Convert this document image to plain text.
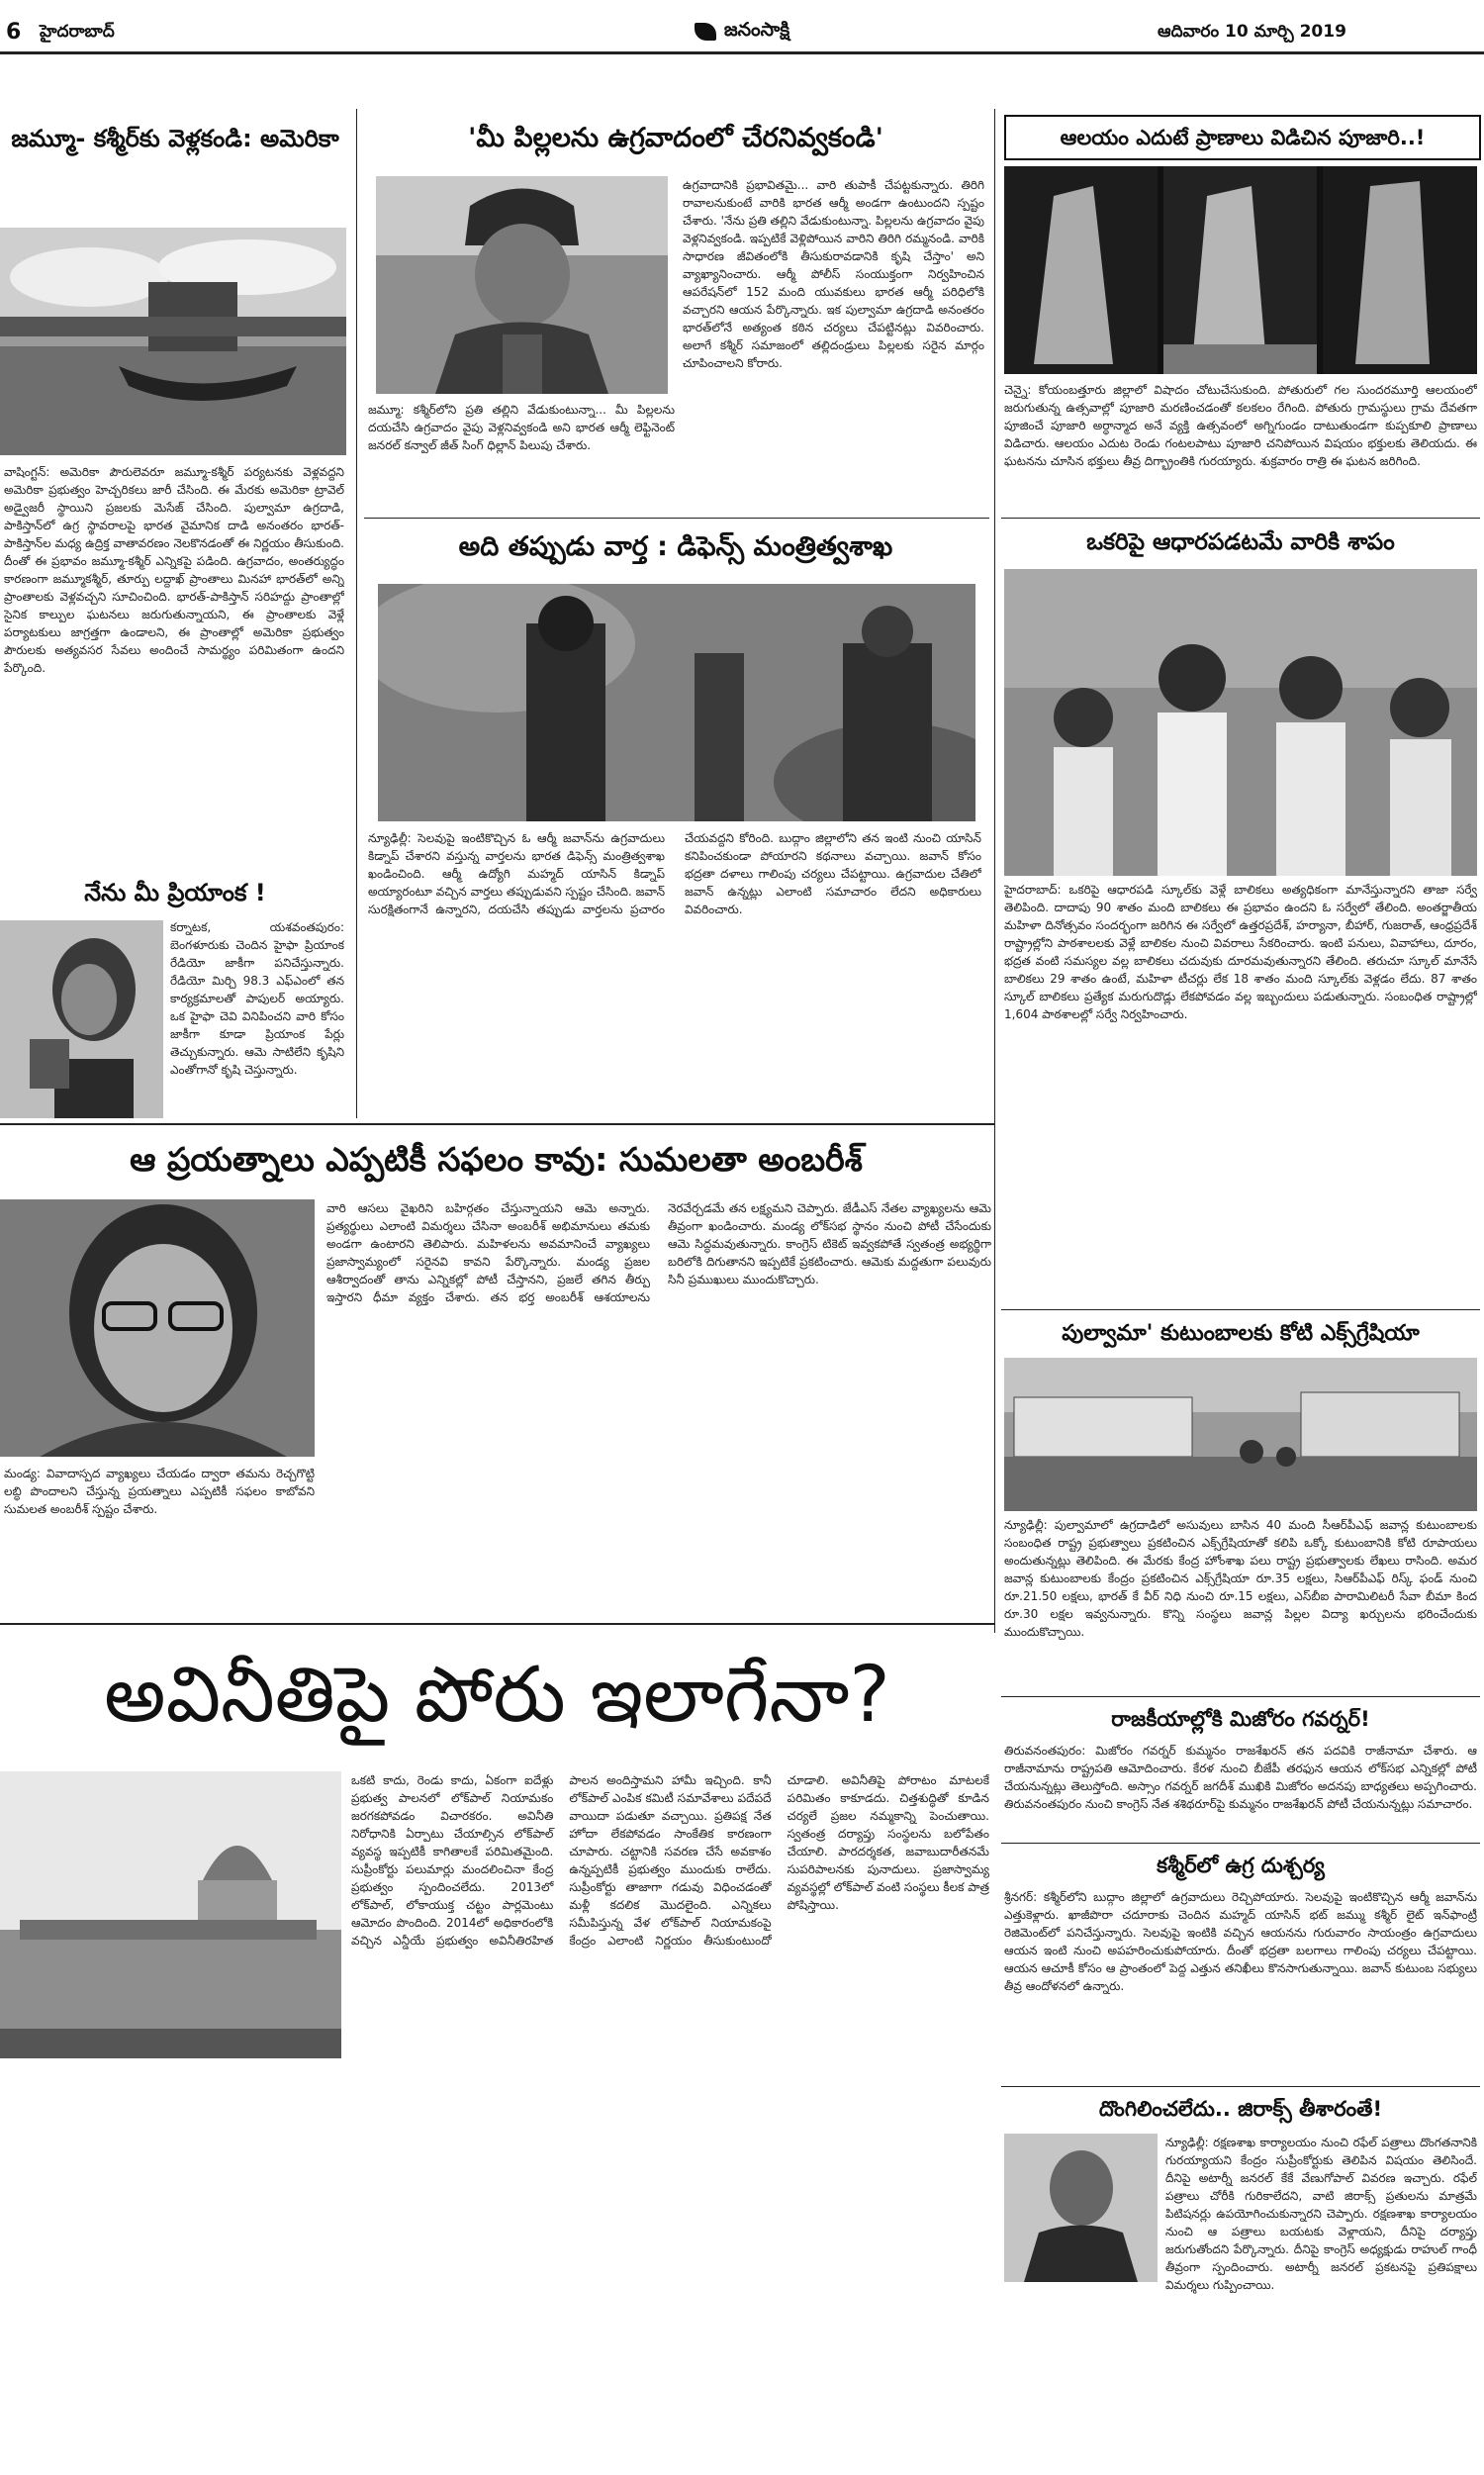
6 హైదరాబాద్	జనంసాక్షి	ఆదివారం 10 మార్చి 2019
జమ్మూ- కశ్మీర్‌కు వెళ్లకండి: అమెరికా
వాషింగ్టన్‌: అమెరికా పౌరులెవరూ జమ్మూ-కశ్మీర్‌ పర్యటనకు వెళ్లవద్దని అమెరికా ప్రభుత్వం హెచ్చరికలు జారీ చేసింది. ఈ మేరకు అమెరికా ట్రావెల్‌ అడ్వైజరీ స్థాయిని ప్రజలకు మెసేజ్‌ చేసింది. పుల్వామా ఉగ్రదాడి, పాకిస్తాన్‌లో ఉగ్ర స్థావరాలపై భారత వైమానిక దాడి అనంతరం భారత్‌-పాకిస్తాన్‌ల మధ్య ఉద్రిక్త వాతావరణం నెలకొనడంతో ఈ నిర్ణయం తీసుకుంది. దీంతో ఈ ప్రభావం జమ్మూ-కశ్మీర్‌ ఎన్నికపై పడింది. ఉగ్రవాదం, అంతర్యుద్ధం కారణంగా జమ్మూకశ్మీర్‌, తూర్పు లద్దాఖ్‌ ప్రాంతాలు మినహా భారత్‌లో అన్ని ప్రాంతాలకు వెళ్లవచ్చని సూచించింది. భారత్‌-పాకిస్తాన్‌ సరిహద్దు ప్రాంతాల్లో సైనిక కాల్పుల ఘటనలు జరుగుతున్నాయని, ఈ ప్రాంతాలకు వెళ్లే పర్యాటకులు జాగ్రత్తగా ఉండాలని, ఈ ప్రాంతాల్లో అమెరికా ప్రభుత్వం పౌరులకు అత్యవసర సేవలు అందించే సామర్థ్యం పరిమితంగా ఉందని పేర్కొంది.
నేను మీ ప్రియాంక !
కర్నాటక, యశవంతపురం: బెంగళూరుకు చెందిన హైఫా ప్రియాంక రేడియో జాకీగా పనిచేస్తున్నారు. రేడియో మిర్చి 98.3 ఎఫ్‌ఎంలో తన కార్యక్రమాలతో పాపులర్‌ అయ్యారు. ఒక హైఫా చెవి వినిపించని వారి కోసం జాకీగా కూడా ప్రియాంక పేర్లు తెచ్చుకున్నారు. ఆమె సాటిలేని కృషిని ఎంతోగానో కృషి చెస్తున్నారు.
'మీ పిల్లలను ఉగ్రవాదంలో చేరనివ్వకండి'
జమ్మూ: కశ్మీర్‌లోని ప్రతి తల్లిని వేడుకుంటున్నా... మీ పిల్లలను దయచేసి ఉగ్రవాదం వైపు వెళ్లనివ్వకండి అని భారత ఆర్మీ లెఫ్టినెంట్‌ జనరల్‌ కన్వాల్‌ జీత్‌ సింగ్‌ ధిల్లాన్‌ పిలుపు చేశారు.
ఉగ్రవాదానికి ప్రభావితమై... వారి తుపాకీ చేపట్టకున్నారు. తిరిగి రావాలనుకుంటే వారికి భారత ఆర్మీ అండగా ఉంటుందని స్పష్టం చేశారు. 'నేను ప్రతి తల్లిని వేడుకుంటున్నా. పిల్లలను ఉగ్రవాదం వైపు వెళ్లనివ్వకండి. ఇప్పటికే వెళ్లిపోయిన వారిని తిరిగి రమ్మనండి. వారికి సాధారణ జీవితంలోకి తీసుకురావడానికి కృషి చేస్తాం' అని వ్యాఖ్యానించారు. ఆర్మీ పోలీస్‌ సంయుక్తంగా నిర్వహించిన ఆపరేషన్‌లో 152 మంది యువకులు భారత ఆర్మీ పరిధిలోకి వచ్చారని ఆయన పేర్కొన్నారు. ఇక పుల్వామా ఉగ్రదాడి అనంతరం భారత్‌లోనే అత్యంత కఠిన చర్యలు చేపట్టినట్లు వివరించారు. అలాగే కశ్మీర్‌ సమాజంలో తల్లిదండ్రులు పిల్లలకు సరైన మార్గం చూపించాలని కోరారు.
అది తప్పుడు వార్త : డిఫెన్స్‌ మంత్రిత్వశాఖ
న్యూఢిల్లీ: సెలవుపై ఇంటికొచ్చిన ఓ ఆర్మీ జవాన్‌ను ఉగ్రవాదులు కిడ్నాప్‌ చేశారని వస్తున్న వార్తలను భారత డిఫెన్స్‌ మంత్రిత్వశాఖ ఖండించింది. ఆర్మీ ఉద్యోగి మహ్మద్‌ యాసిన్‌ కిడ్నాప్‌ అయ్యారంటూ వచ్చిన వార్తలు తప్పుడువని స్పష్టం చేసింది. జవాన్‌ సురక్షితంగానే ఉన్నారని, దయచేసి తప్పుడు వార్తలను ప్రచారం చేయవద్దని కోరింది. బుద్గాం జిల్లాలోని తన ఇంటి నుంచి యాసిన్‌ కనిపించకుండా పోయారని కథనాలు వచ్చాయి. జవాన్‌ కోసం భద్రతా దళాలు గాలింపు చర్యలు చేపట్టాయి. ఉగ్రవాదుల చేతిలో జవాన్‌ ఉన్నట్లు ఎలాంటి సమాచారం లేదని అధికారులు వివరించారు.
ఆలయం ఎదుటే ప్రాణాలు విడిచిన పూజారి..!
చెన్నై: కోయంబత్తూరు జిల్లాలో విషాదం చోటుచేసుకుంది. పోతురులో గల సుందరమూర్తి ఆలయంలో జరుగుతున్న ఉత్సవాల్లో పూజారి మరణించడంతో కలకలం రేగింది. పోతురు గ్రామస్థులు గ్రామ దేవతగా పూజించే పూజారి అర్ధాన్మాద అనే వ్యక్తి ఉత్సవంలో అగ్నిగుండం దాటుతుండగా కుప్పకూలి ప్రాణాలు విడిచారు. ఆలయం ఎదుట రెండు గంటలపాటు పూజారి చనిపోయిన విషయం భక్తులకు తెలియదు. ఈ ఘటనను చూసిన భక్తులు తీవ్ర దిగ్భ్రాంతికి గురయ్యారు. శుక్రవారం రాత్రి ఈ ఘటన జరిగింది.
ఒకరిపై ఆధారపడటమే వారికి శాపం
హైదరాబాద్‌: ఒకరిపై ఆధారపడి స్కూల్‌కు వెళ్లే బాలికలు అత్యధికంగా మానేస్తున్నారని తాజా సర్వే తెలిపింది. దాదాపు 90 శాతం మంది బాలికలు ఈ ప్రభావం ఉందని ఓ సర్వేలో తేలింది. అంతర్జాతీయ మహిళా దినోత్సవం సందర్భంగా జరిగిన ఈ సర్వేలో ఉత్తరప్రదేశ్‌, హర్యానా, బీహార్‌, గుజరాత్‌, ఆంధ్రప్రదేశ్‌ రాష్ట్రాల్లోని పాఠశాలలకు వెళ్లే బాలికల నుంచి వివరాలు సేకరించారు. ఇంటి పనులు, వివాహాలు, దూరం, భద్రత వంటి సమస్యల వల్ల బాలికలు చదువుకు దూరమవుతున్నారని తేలింది. తరుచూ స్కూల్‌ మానేసే బాలికలు 29 శాతం ఉంటే, మహిళా టీచర్లు లేక 18 శాతం మంది స్కూల్‌కు వెళ్లడం లేదు. 87 శాతం స్కూల్‌ బాలికలు ప్రత్యేక మరుగుదొడ్లు లేకపోవడం వల్ల ఇబ్బందులు పడుతున్నారు. సంబంధిత రాష్ట్రాల్లో 1,604 పాఠశాలల్లో సర్వే నిర్వహించారు.
పుల్వామా' కుటుంబాలకు కోటి ఎక్స్‌గ్రేషియా
న్యూఢిల్లీ: పుల్వామాలో ఉగ్రదాడిలో అసువులు బాసిన 40 మంది సీఆర్‌పీఎఫ్‌ జవాన్ల కుటుంబాలకు సంబంధిత రాష్ట్ర ప్రభుత్వాలు ప్రకటించిన ఎక్స్‌గ్రేషియాతో కలిపి ఒక్కో కుటుంబానికి కోటి రూపాయలు అందుతున్నట్లు తెలిపింది. ఈ మేరకు కేంద్ర హోంశాఖ పలు రాష్ట్ర ప్రభుత్వాలకు లేఖలు రాసింది. అమర జవాన్ల కుటుంబాలకు కేంద్రం ప్రకటించిన ఎక్స్‌గ్రేషియా రూ.35 లక్షలు, సిఆర్‌పీఎఫ్‌ రిస్క్‌ ఫండ్‌ నుంచి రూ.21.50 లక్షలు, భారత్‌ కే వీర్‌ నిధి నుంచి రూ.15 లక్షలు, ఎస్‌బీఐ పారామిలిటరీ సేవా బీమా కింద రూ.30 లక్షల ఇవ్వనున్నారు. కొన్ని సంస్థలు జవాన్ల పిల్లల విద్యా ఖర్చులను భరించేందుకు ముందుకొచ్చాయి.
రాజకీయాల్లోకి మిజోరం గవర్నర్‌!
తిరువనంతపురం: మిజోరం గవర్నర్‌ కుమ్మనం రాజశేఖరన్‌ తన పదవికి రాజీనామా చేశారు. ఆ రాజీనామాను రాష్ట్రపతి ఆమోదించారు. కేరళ నుంచి బీజేపీ తరఫున ఆయన లోక్‌సభ ఎన్నికల్లో పోటీ చేయనున్నట్లు తెలుస్తోంది. అస్సాం గవర్నర్‌ జగదీశ్‌ ముఖికి మిజోరం అదనపు బాధ్యతలు అప్పగించారు. తిరువనంతపురం నుంచి కాంగ్రెస్‌ నేత శశిథరూర్‌పై కుమ్మనం రాజశేఖరన్‌ పోటీ చేయనున్నట్లు సమాచారం.
కశ్మీర్‌లో ఉగ్ర దుశ్చర్య
శ్రీనగర్‌: కశ్మీర్‌లోని బుద్గాం జిల్లాలో ఉగ్రవాదులు రెచ్చిపోయారు. సెలవుపై ఇంటికొచ్చిన ఆర్మీ జవాన్‌ను ఎత్తుకెళ్లారు. ఖాజీపొరా చదూరాకు చెందిన మహ్మద్‌ యాసిన్‌ భట్‌ జమ్ము కశ్మీర్‌ లైట్‌ ఇన్‌ఫాంట్రీ రెజిమెంట్‌లో పనిచేస్తున్నారు. సెలవుపై ఇంటికి వచ్చిన ఆయనను గురువారం సాయంత్రం ఉగ్రవాదులు ఆయన ఇంటి నుంచి అపహరించుకుపోయారు. దీంతో భద్రతా బలగాలు గాలింపు చర్యలు చేపట్టాయి. ఆయన ఆచూకీ కోసం ఆ ప్రాంతంలో పెద్ద ఎత్తున తనిఖీలు కొనసాగుతున్నాయి. జవాన్‌ కుటుంబ సభ్యులు తీవ్ర ఆందోళనలో ఉన్నారు.
దొంగిలించలేదు.. జిరాక్స్‌ తీశారంతే!
న్యూఢిల్లీ: రక్షణశాఖ కార్యాలయం నుంచి రఫేల్‌ పత్రాలు దొంగతనానికి గురయ్యాయని కేంద్రం సుప్రీంకోర్టుకు తెలిపిన విషయం తెలిసిందే. దీనిపై అటార్నీ జనరల్‌ కేకే వేణుగోపాల్‌ వివరణ ఇచ్చారు. రఫేల్‌ పత్రాలు చోరీకి గురికాలేదని, వాటి జిరాక్స్‌ ప్రతులను మాత్రమే పిటిషనర్లు ఉపయోగించుకున్నారని చెప్పారు. రక్షణశాఖ కార్యాలయం నుంచి ఆ పత్రాలు బయటకు వెళ్లాయని, దీనిపై దర్యాప్తు జరుగుతోందని పేర్కొన్నారు. దీనిపై కాంగ్రెస్‌ అధ్యక్షుడు రాహుల్‌ గాంధీ తీవ్రంగా స్పందించారు. అటార్నీ జనరల్‌ ప్రకటనపై ప్రతిపక్షాలు విమర్శలు గుప్పించాయి.
ఆ ప్రయత్నాలు ఎప్పటికీ సఫలం కావు: సుమలతా అంబరీశ్‌
మండ్య: వివాదాస్పద వ్యాఖ్యలు చేయడం ద్వారా తమను రెచ్చగొట్టి లబ్ధి పొందాలని చేస్తున్న ప్రయత్నాలు ఎప్పటికీ సఫలం కాబోవని సుమలత అంబరీశ్‌ స్పష్టం చేశారు.
వారి ఆసలు వైఖరిని బహిర్గతం చేస్తున్నాయని ఆమె అన్నారు. ప్రత్యర్థులు ఎలాంటి విమర్శలు చేసినా అంబరీశ్‌ అభిమానులు తమకు అండగా ఉంటారని తెలిపారు. మహిళలను అవమానించే వ్యాఖ్యలు ప్రజాస్వామ్యంలో సరైనవి కావని పేర్కొన్నారు. మండ్య ప్రజల ఆశీర్వాదంతో తాను ఎన్నికల్లో పోటీ చేస్తానని, ప్రజలే తగిన తీర్పు ఇస్తారని ధీమా వ్యక్తం చేశారు. తన భర్త అంబరీశ్‌ ఆశయాలను నెరవేర్చడమే తన లక్ష్యమని చెప్పారు. జేడీఎస్‌ నేతల వ్యాఖ్యలను ఆమె తీవ్రంగా ఖండించారు. మండ్య లోక్‌సభ స్థానం నుంచి పోటీ చేసేందుకు ఆమె సిద్ధమవుతున్నారు. కాంగ్రెస్‌ టికెట్‌ ఇవ్వకపోతే స్వతంత్ర అభ్యర్థిగా బరిలోకి దిగుతానని ఇప్పటికే ప్రకటించారు. ఆమెకు మద్దతుగా పలువురు సినీ ప్రముఖులు ముందుకొచ్చారు.
అవినీతిపై పోరు ఇలాగేనా?
ఒకటి కాదు, రెండు కాదు, ఏకంగా ఐదేళ్లు ప్రభుత్వ పాలనలో లోక్‌పాల్‌ నియామకం జరగకపోవడం విచారకరం. అవినీతి నిరోధానికి ఏర్పాటు చేయాల్సిన లోక్‌పాల్‌ వ్యవస్థ ఇప్పటికీ కాగితాలకే పరిమితమైంది. సుప్రీంకోర్టు పలుమార్లు మందలించినా కేంద్ర ప్రభుత్వం స్పందించలేదు. 2013లో లోక్‌పాల్‌, లోకాయుక్త చట్టం పార్లమెంటు ఆమోదం పొందింది. 2014లో అధికారంలోకి వచ్చిన ఎన్డీయే ప్రభుత్వం అవినీతిరహిత పాలన అందిస్తామని హామీ ఇచ్చింది. కానీ లోక్‌పాల్‌ ఎంపిక కమిటీ సమావేశాలు పదేపదే వాయిదా పడుతూ వచ్చాయి. ప్రతిపక్ష నేత హోదా లేకపోవడం సాంకేతిక కారణంగా చూపారు. చట్టానికి సవరణ చేసే అవకాశం ఉన్నప్పటికీ ప్రభుత్వం ముందుకు రాలేదు. సుప్రీంకోర్టు తాజాగా గడువు విధించడంతో మళ్లీ కదలిక మొదలైంది. ఎన్నికలు సమీపిస్తున్న వేళ లోక్‌పాల్‌ నియామకంపై కేంద్రం ఎలాంటి నిర్ణయం తీసుకుంటుందో చూడాలి. అవినీతిపై పోరాటం మాటలకే పరిమితం కాకూడదు. చిత్తశుద్ధితో కూడిన చర్యలే ప్రజల నమ్మకాన్ని పెంచుతాయి. స్వతంత్ర దర్యాప్తు సంస్థలను బలోపేతం చేయాలి. పారదర్శకత, జవాబుదారీతనమే సుపరిపాలనకు పునాదులు. ప్రజాస్వామ్య వ్యవస్థల్లో లోక్‌పాల్‌ వంటి సంస్థలు కీలక పాత్ర పోషిస్తాయి.
